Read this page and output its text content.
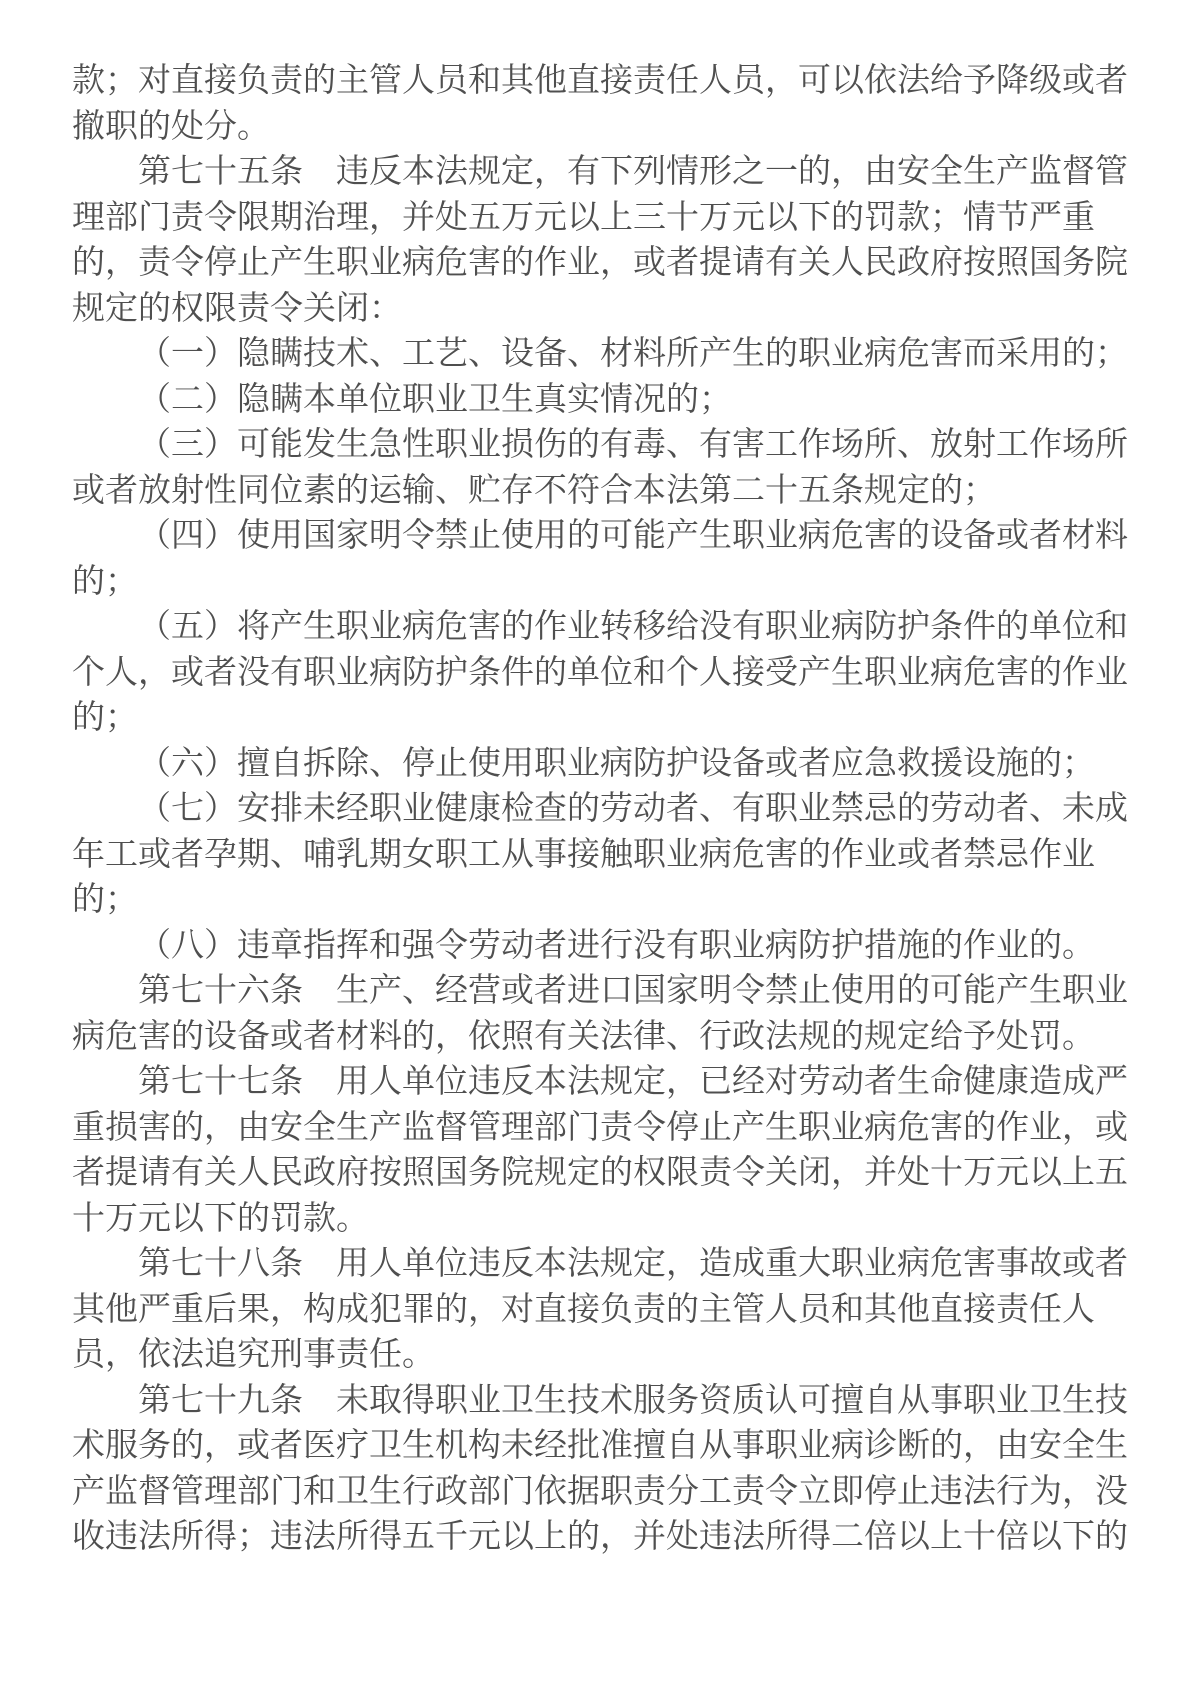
款；对直接负责的主管人员和其他直接责任人员，可以依法给予降级或者撤职的处分。

第七十五条　违反本法规定，有下列情形之一的，由安全生产监督管理部门责令限期治理，并处五万元以上三十万元以下的罚款；情节严重的，责令停止产生职业病危害的作业，或者提请有关人民政府按照国务院规定的权限责令关闭：

（一）隐瞒技术、工艺、设备、材料所产生的职业病危害而采用的；

（二）隐瞒本单位职业卫生真实情况的；

（三）可能发生急性职业损伤的有毒、有害工作场所、放射工作场所或者放射性同位素的运输、贮存不符合本法第二十五条规定的；

（四）使用国家明令禁止使用的可能产生职业病危害的设备或者材料的；

（五）将产生职业病危害的作业转移给没有职业病防护条件的单位和个人，或者没有职业病防护条件的单位和个人接受产生职业病危害的作业的；

（六）擅自拆除、停止使用职业病防护设备或者应急救援设施的；

（七）安排未经职业健康检查的劳动者、有职业禁忌的劳动者、未成年工或者孕期、哺乳期女职工从事接触职业病危害的作业或者禁忌作业的；

（八）违章指挥和强令劳动者进行没有职业病防护措施的作业的。

第七十六条　生产、经营或者进口国家明令禁止使用的可能产生职业病危害的设备或者材料的，依照有关法律、行政法规的规定给予处罚。

第七十七条　用人单位违反本法规定，已经对劳动者生命健康造成严重损害的，由安全生产监督管理部门责令停止产生职业病危害的作业，或者提请有关人民政府按照国务院规定的权限责令关闭，并处十万元以上五十万元以下的罚款。

第七十八条　用人单位违反本法规定，造成重大职业病危害事故或者其他严重后果，构成犯罪的，对直接负责的主管人员和其他直接责任人员，依法追究刑事责任。

第七十九条　未取得职业卫生技术服务资质认可擅自从事职业卫生技术服务的，或者医疗卫生机构未经批准擅自从事职业病诊断的，由安全生产监督管理部门和卫生行政部门依据职责分工责令立即停止违法行为，没收违法所得；违法所得五千元以上的，并处违法所得二倍以上十倍以下的
